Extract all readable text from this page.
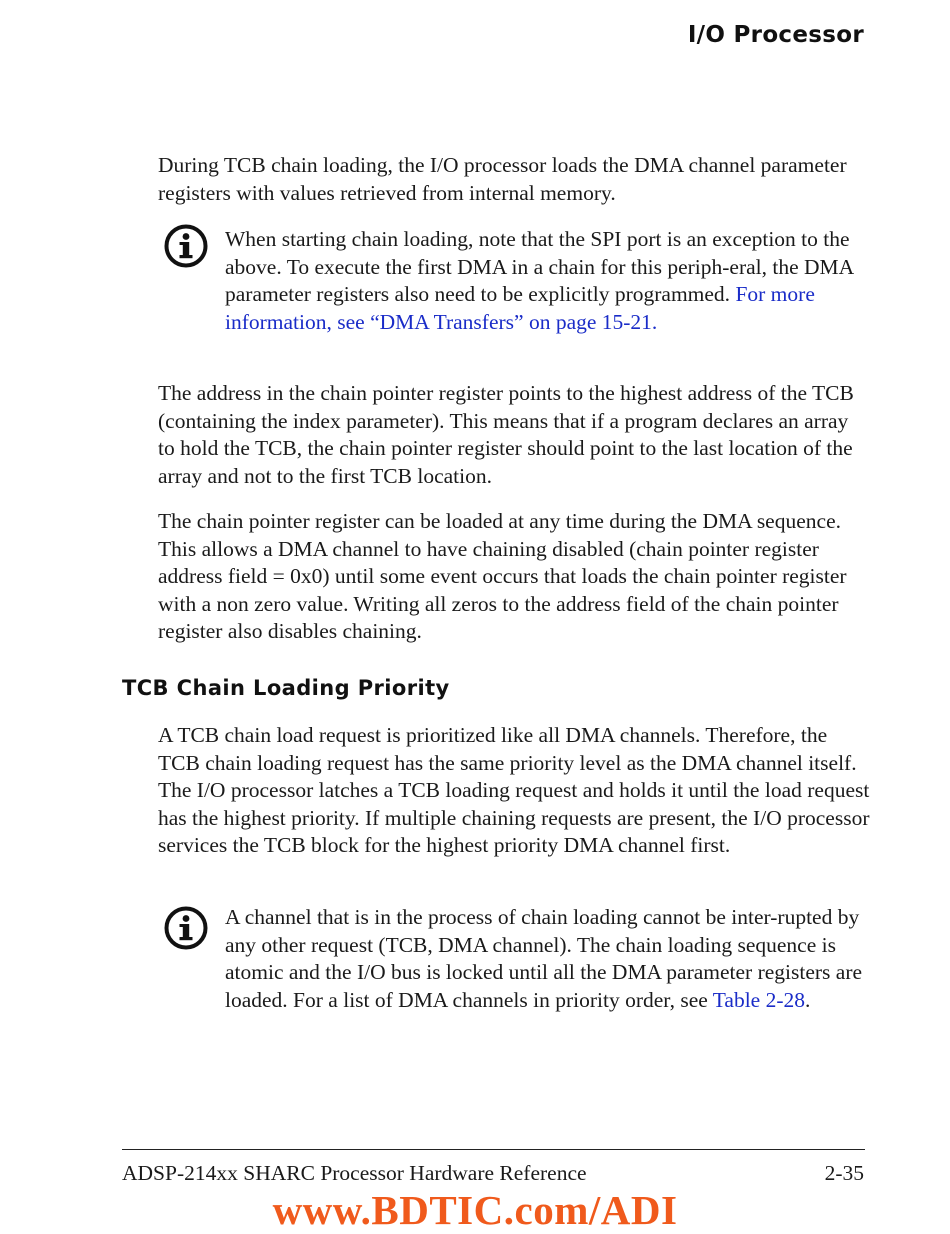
I/O Processor

During TCB chain loading, the I/O processor loads the DMA channel parameter registers with values retrieved from internal memory.

When starting chain loading, note that the SPI port is an exception to the above. To execute the first DMA in a chain for this periph-eral, the DMA parameter registers also need to be explicitly programmed. For more information, see “DMA Transfers” on page 15-21.

The address in the chain pointer register points to the highest address of the TCB (containing the index parameter). This means that if a program declares an array to hold the TCB, the chain pointer register should point to the last location of the array and not to the first TCB location.

The chain pointer register can be loaded at any time during the DMA sequence. This allows a DMA channel to have chaining disabled (chain pointer register address field = 0x0) until some event occurs that loads the chain pointer register with a non zero value. Writing all zeros to the address field of the chain pointer register also disables chaining.

TCB Chain Loading Priority

A TCB chain load request is prioritized like all DMA channels. Therefore, the TCB chain loading request has the same priority level as the DMA channel itself. The I/O processor latches a TCB loading request and holds it until the load request has the highest priority. If multiple chaining requests are present, the I/O processor services the TCB block for the highest priority DMA channel first.

A channel that is in the process of chain loading cannot be inter-rupted by any other request (TCB, DMA channel). The chain loading sequence is atomic and the I/O bus is locked until all the DMA parameter registers are loaded. For a list of DMA channels in priority order, see Table 2-28.

ADSP-214xx SHARC Processor Hardware Reference	2-35
www.BDTIC.com/ADI
